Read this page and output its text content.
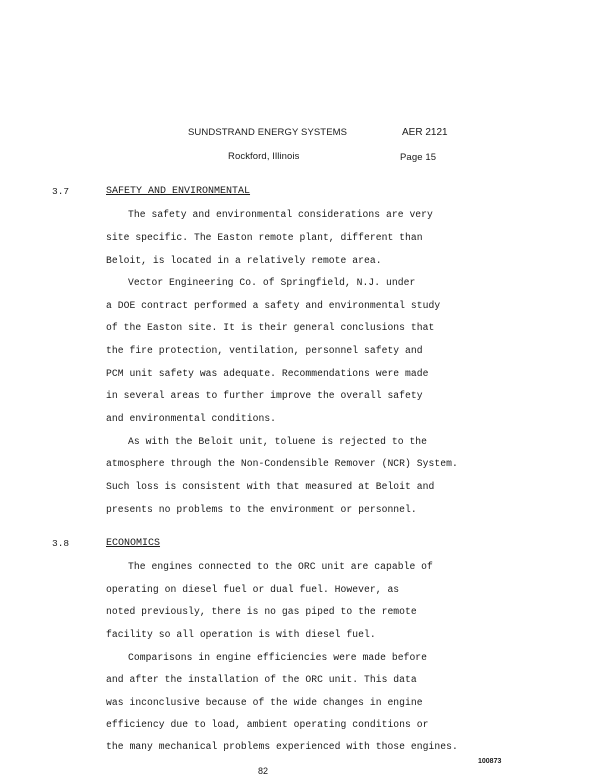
SUNDSTRAND ENERGY SYSTEMS	AER 2121
Rockford, Illinois	Page 15
3.7	SAFETY AND ENVIRONMENTAL
The safety and environmental considerations are very
site specific. The Easton remote plant, different than
Beloit, is located in a relatively remote area.
Vector Engineering Co. of Springfield, N.J. under
a DOE contract performed a safety and environmental study
of the Easton site. It is their general conclusions that
the fire protection, ventilation, personnel safety and
PCM unit safety was adequate. Recommendations were made
in several areas to further improve the overall safety
and environmental conditions.
As with the Beloit unit, toluene is rejected to the
atmosphere through the Non-Condensible Remover (NCR) System.
Such loss is consistent with that measured at Beloit and
presents no problems to the environment or personnel.
3.8	ECONOMICS
The engines connected to the ORC unit are capable of
operating on diesel fuel or dual fuel. However, as
noted previously, there is no gas piped to the remote
facility so all operation is with diesel fuel.
Comparisons in engine efficiencies were made before
and after the installation of the ORC unit. This data
was inconclusive because of the wide changes in engine
efficiency due to load, ambient operating conditions or
the many mechanical problems experienced with those engines.
100873
82
